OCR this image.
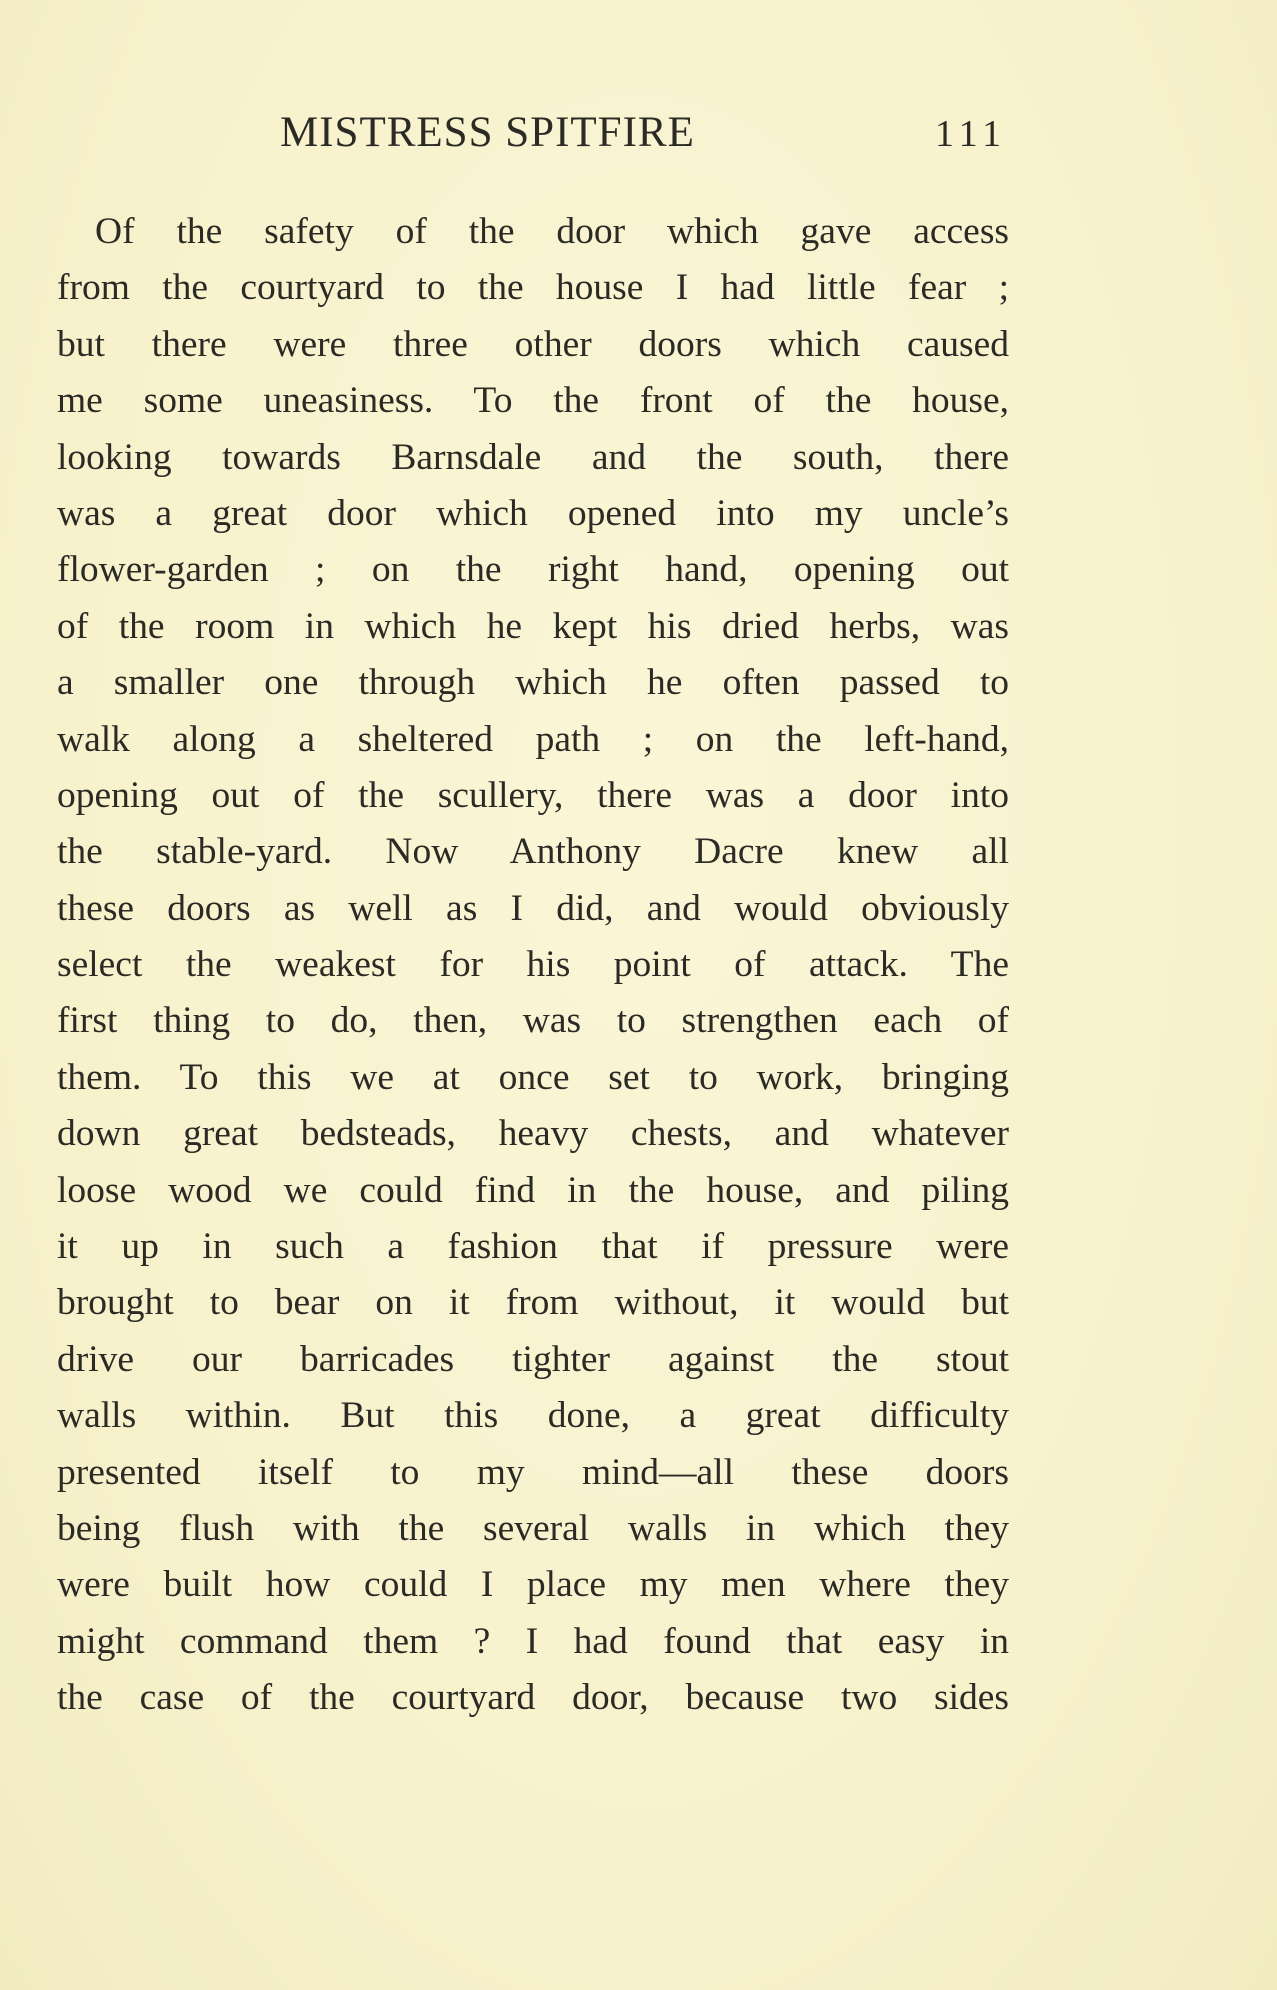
MISTRESS SPITFIRE	111
Of the safety of the door which gave access
from the courtyard to the house I had little fear ;
but there were three other doors which caused
me some uneasiness. To the front of the house,
looking towards Barnsdale and the south, there
was a great door which opened into my uncle’s
flower-garden ; on the right hand, opening out
of the room in which he kept his dried herbs, was
a smaller one through which he often passed to
walk along a sheltered path ; on the left-hand,
opening out of the scullery, there was a door into
the stable-yard. Now Anthony Dacre knew all
these doors as well as I did, and would obviously
select the weakest for his point of attack. The
first thing to do, then, was to strengthen each of
them. To this we at once set to work, bringing
down great bedsteads, heavy chests, and whatever
loose wood we could find in the house, and piling
it up in such a fashion that if pressure were
brought to bear on it from without, it would but
drive our barricades tighter against the stout
walls within. But this done, a great difficulty
presented itself to my mind—all these doors
being flush with the several walls in which they
were built how could I place my men where they
might command them ? I had found that easy in
the case of the courtyard door, because two sides
